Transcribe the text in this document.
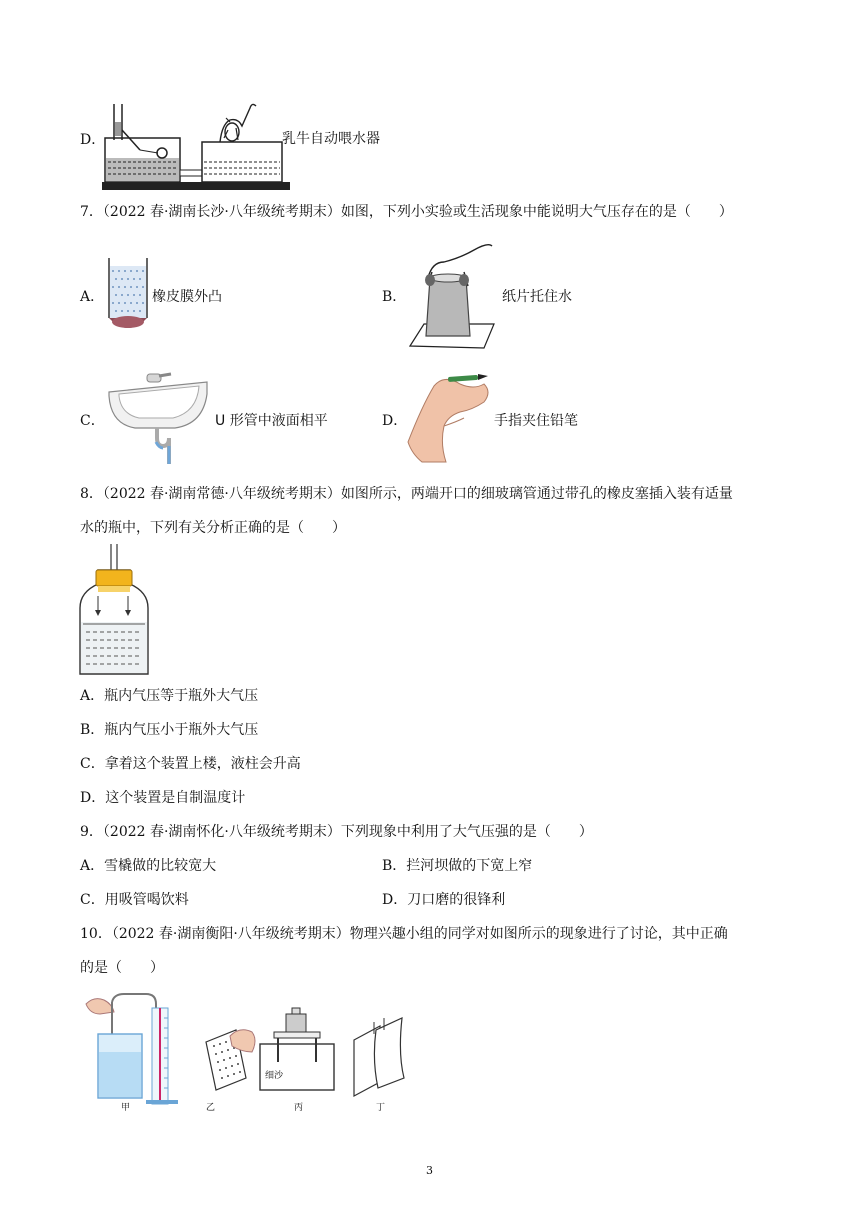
D．	乳牛自动喂水器
7．（2022 春·湖南长沙·八年级统考期末）如图，下列小实验或生活现象中能说明大气压存在的是（　　）
A．	橡皮膜外凸	B．	纸片托住水
C．	U 形管中液面相平	D．	手指夹住铅笔
8．（2022 春·湖南常德·八年级统考期末）如图所示，两端开口的细玻璃管通过带孔的橡皮塞插入装有适量
水的瓶中，下列有关分析正确的是（　　）
A．瓶内气压等于瓶外大气压
B．瓶内气压小于瓶外大气压
C．拿着这个装置上楼，液柱会升高
D．这个装置是自制温度计
9．（2022 春·湖南怀化·八年级统考期末）下列现象中利用了大气压强的是（　　）
A．雪橇做的比较宽大	B．拦河坝做的下宽上窄
C．用吸管喝饮料	D．刀口磨的很锋利
10．（2022 春·湖南衡阳·八年级统考期末）物理兴趣小组的同学对如图所示的现象进行了讨论，其中正确
的是（　　）
细沙
甲	乙	丙	丁
3
